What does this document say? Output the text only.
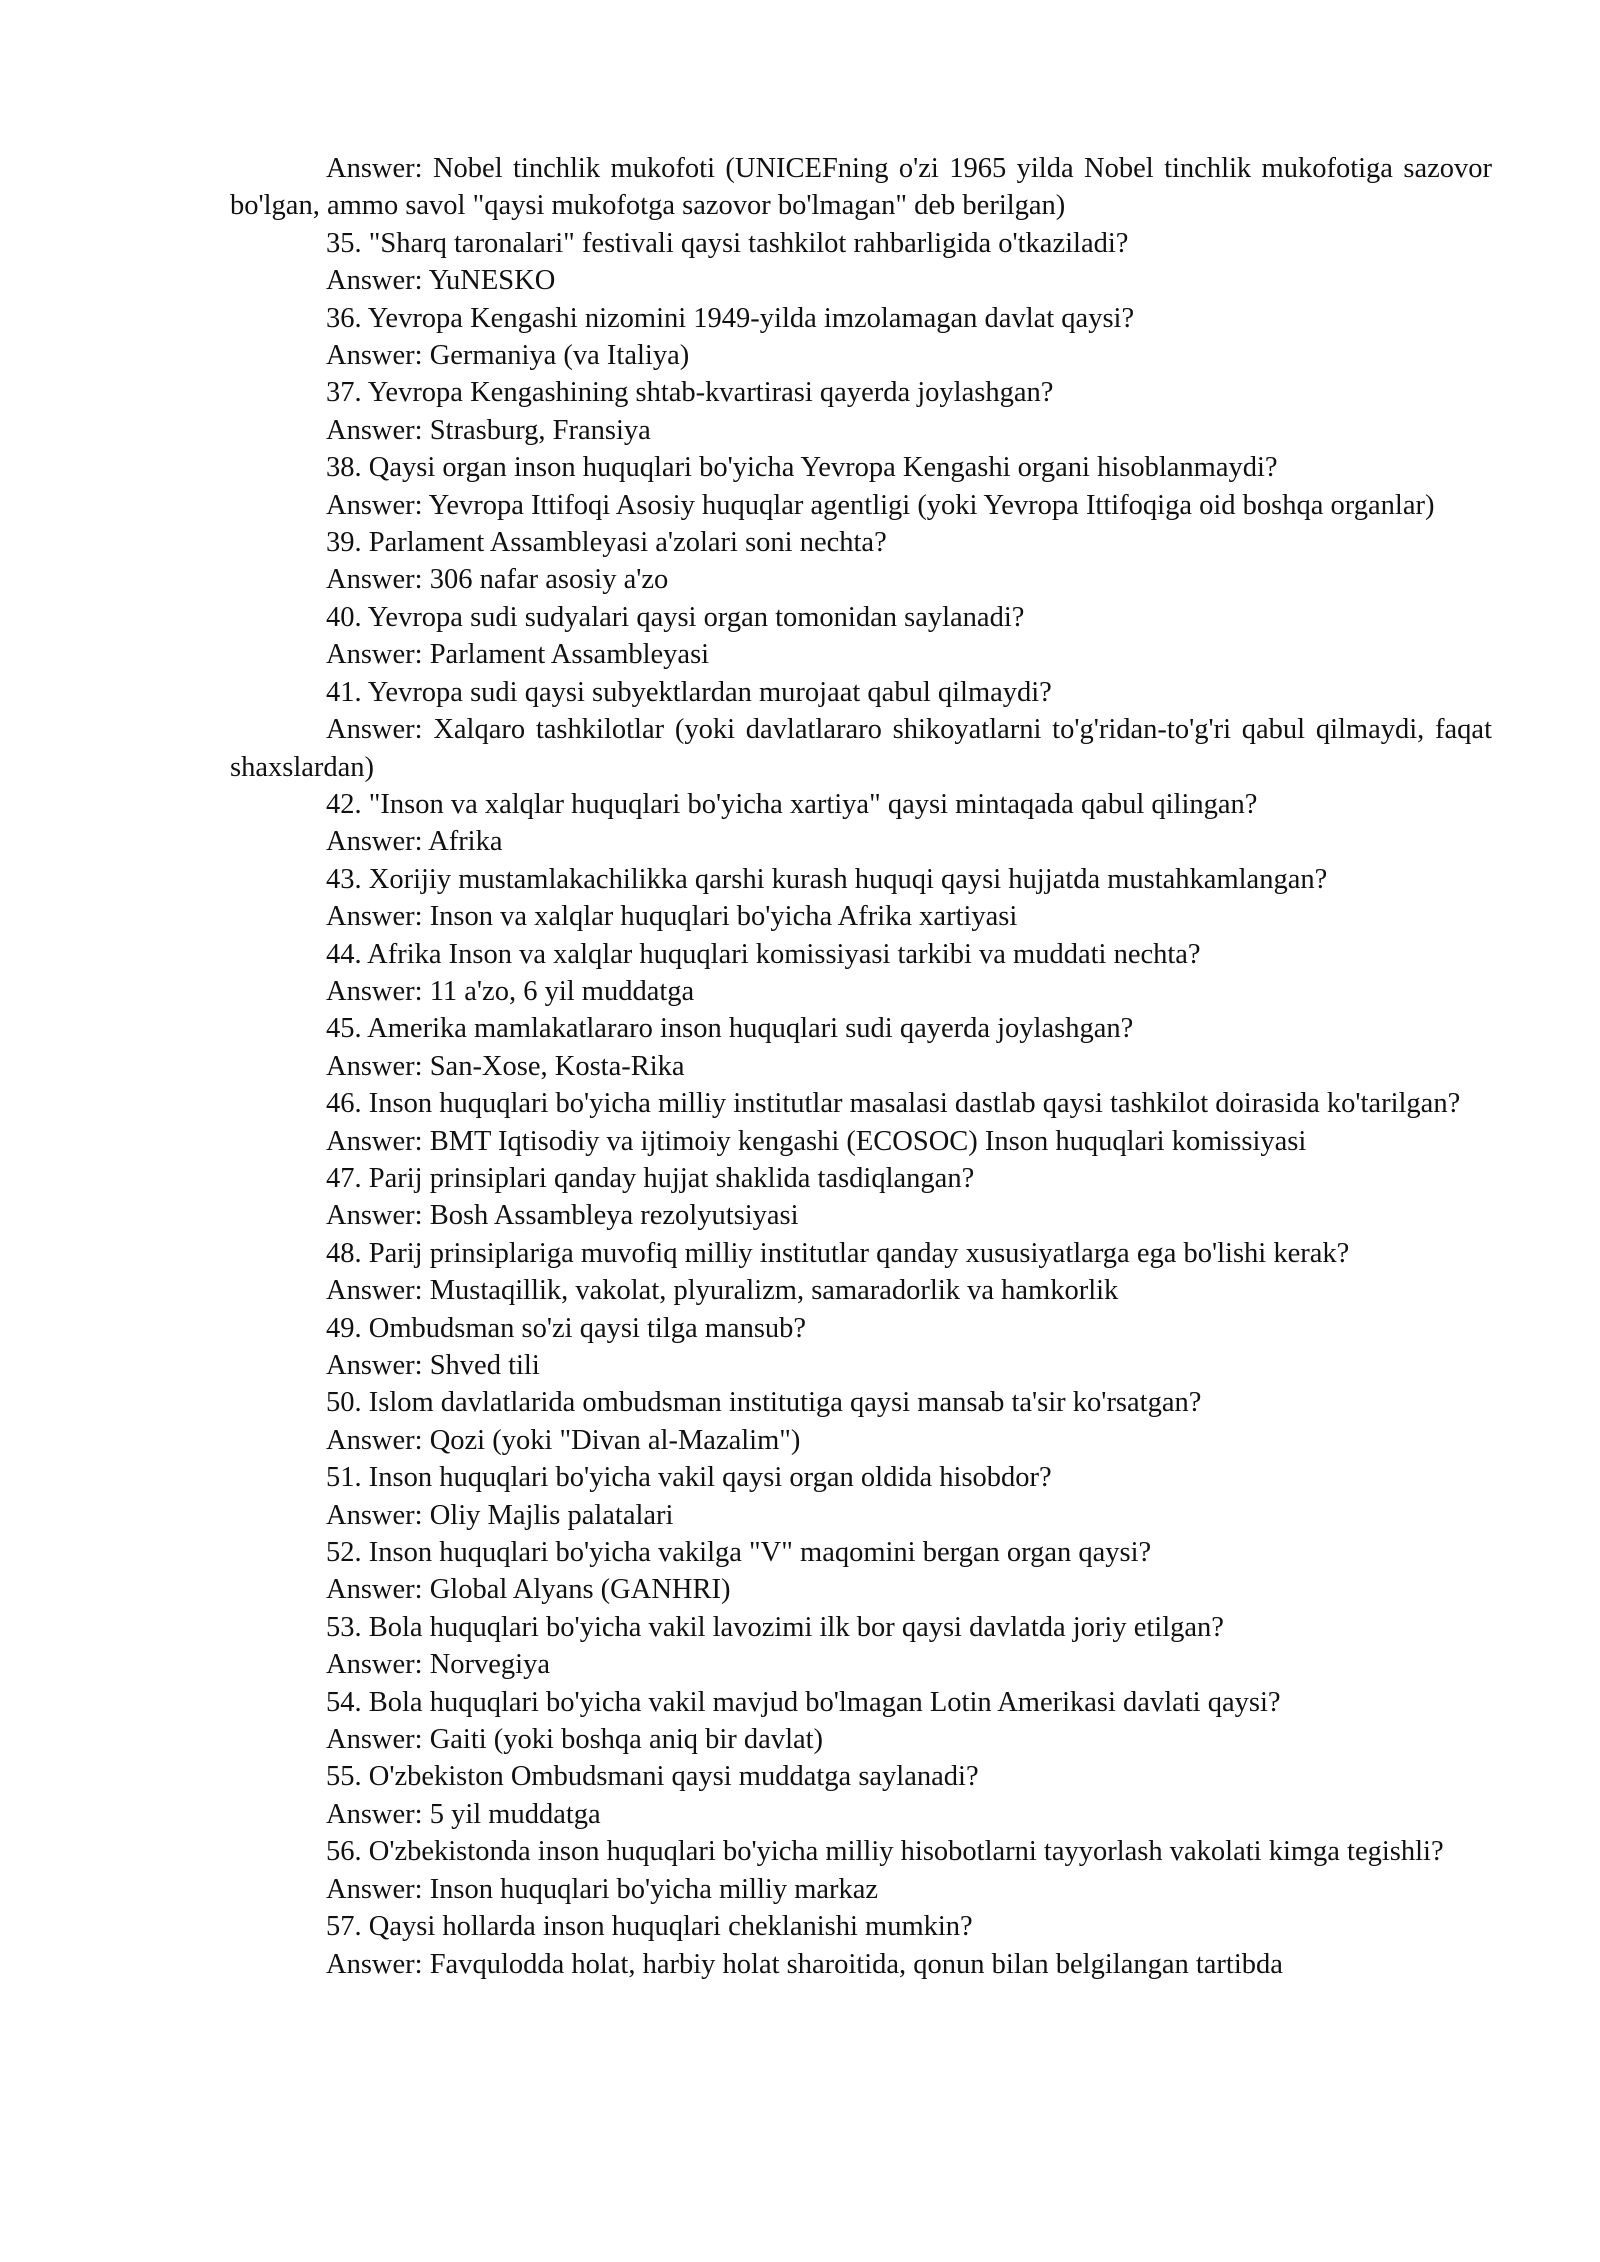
Answer: Nobel tinchlik mukofoti (UNICEFning o'zi 1965 yilda Nobel tinchlik mukofotiga sazovor bo'lgan, ammo savol "qaysi mukofotga sazovor bo'lmagan" deb berilgan)

35. "Sharq taronalari" festivali qaysi tashkilot rahbarligida o'tkaziladi?

Answer: YuNESKO

36. Yevropa Kengashi nizomini 1949-yilda imzolamagan davlat qaysi?

Answer: Germaniya (va Italiya)

37. Yevropa Kengashining shtab-kvartirasi qayerda joylashgan?

Answer: Strasburg, Fransiya

38. Qaysi organ inson huquqlari bo'yicha Yevropa Kengashi organi hisoblanmaydi?

Answer: Yevropa Ittifoqi Asosiy huquqlar agentligi (yoki Yevropa Ittifoqiga oid boshqa organlar)

39. Parlament Assambleyasi a'zolari soni nechta?

Answer: 306 nafar asosiy a'zo

40. Yevropa sudi sudyalari qaysi organ tomonidan saylanadi?

Answer: Parlament Assambleyasi

41. Yevropa sudi qaysi subyektlardan murojaat qabul qilmaydi?

Answer: Xalqaro tashkilotlar (yoki davlatlararo shikoyatlarni to'g'ridan-to'g'ri qabul qilmaydi, faqat shaxslardan)

42. "Inson va xalqlar huquqlari bo'yicha xartiya" qaysi mintaqada qabul qilingan?

Answer: Afrika

43. Xorijiy mustamlakachilikka qarshi kurash huquqi qaysi hujjatda mustahkamlangan?

Answer: Inson va xalqlar huquqlari bo'yicha Afrika xartiyasi

44. Afrika Inson va xalqlar huquqlari komissiyasi tarkibi va muddati nechta?

Answer: 11 a'zo, 6 yil muddatga

45. Amerika mamlakatlararo inson huquqlari sudi qayerda joylashgan?

Answer: San-Xose, Kosta-Rika

46. Inson huquqlari bo'yicha milliy institutlar masalasi dastlab qaysi tashkilot doirasida ko'tarilgan?

Answer: BMT Iqtisodiy va ijtimoiy kengashi (ECOSOC) Inson huquqlari komissiyasi

47. Parij prinsiplari qanday hujjat shaklida tasdiqlangan?

Answer: Bosh Assambleya rezolyutsiyasi

48. Parij prinsiplariga muvofiq milliy institutlar qanday xususiyatlarga ega bo'lishi kerak?

Answer: Mustaqillik, vakolat, plyuralizm, samaradorlik va hamkorlik

49. Ombudsman so'zi qaysi tilga mansub?

Answer: Shved tili

50. Islom davlatlarida ombudsman institutiga qaysi mansab ta'sir ko'rsatgan?

Answer: Qozi (yoki "Divan al-Mazalim")

51. Inson huquqlari bo'yicha vakil qaysi organ oldida hisobdor?

Answer: Oliy Majlis palatalari

52. Inson huquqlari bo'yicha vakilga "V" maqomini bergan organ qaysi?

Answer: Global Alyans (GANHRI)

53. Bola huquqlari bo'yicha vakil lavozimi ilk bor qaysi davlatda joriy etilgan?

Answer: Norvegiya

54. Bola huquqlari bo'yicha vakil mavjud bo'lmagan Lotin Amerikasi davlati qaysi?

Answer: Gaiti (yoki boshqa aniq bir davlat)

55. O'zbekiston Ombudsmani qaysi muddatga saylanadi?

Answer: 5 yil muddatga

56. O'zbekistonda inson huquqlari bo'yicha milliy hisobotlarni tayyorlash vakolati kimga tegishli?

Answer: Inson huquqlari bo'yicha milliy markaz

57. Qaysi hollarda inson huquqlari cheklanishi mumkin?

Answer: Favqulodda holat, harbiy holat sharoitida, qonun bilan belgilangan tartibda
